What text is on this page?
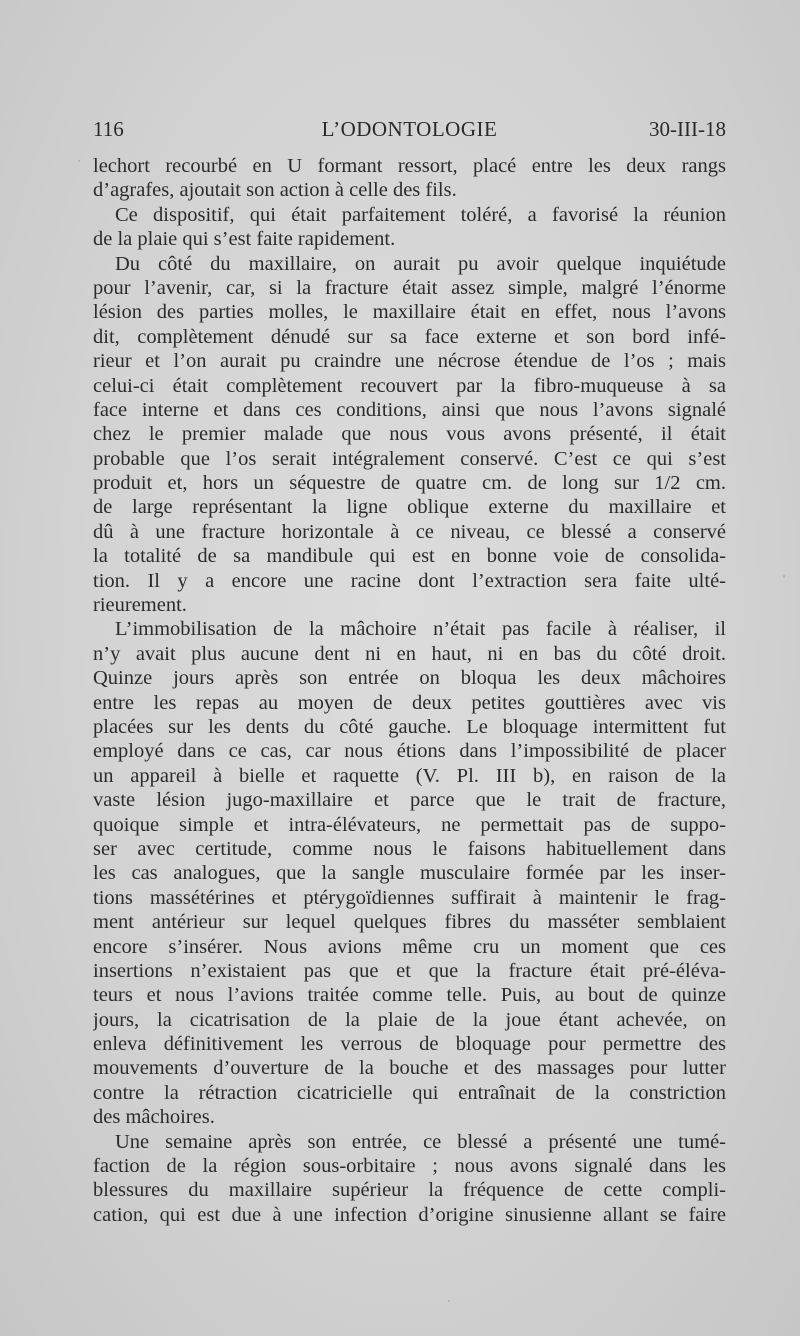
116	L’ODONTOLOGIE	30-III-18
lechort recourbé en U formant ressort, placé entre les deux rangs
d’agrafes, ajoutait son action à celle des fils.
Ce dispositif, qui était parfaitement toléré, a favorisé la réunion
de la plaie qui s’est faite rapidement.
Du côté du maxillaire, on aurait pu avoir quelque inquiétude
pour l’avenir, car, si la fracture était assez simple, malgré l’énorme
lésion des parties molles, le maxillaire était en effet, nous l’avons
dit, complètement dénudé sur sa face externe et son bord infé-
rieur et l’on aurait pu craindre une nécrose étendue de l’os ; mais
celui-ci était complètement recouvert par la fibro-muqueuse à sa
face interne et dans ces conditions, ainsi que nous l’avons signalé
chez le premier malade que nous vous avons présenté, il était
probable que l’os serait intégralement conservé. C’est ce qui s’est
produit et, hors un séquestre de quatre cm. de long sur 1/2 cm.
de large représentant la ligne oblique externe du maxillaire et
dû à une fracture horizontale à ce niveau, ce blessé a conservé
la totalité de sa mandibule qui est en bonne voie de consolida-
tion. Il y a encore une racine dont l’extraction sera faite ulté-
rieurement.
L’immobilisation de la mâchoire n’était pas facile à réaliser, il
n’y avait plus aucune dent ni en haut, ni en bas du côté droit.
Quinze jours après son entrée on bloqua les deux mâchoires
entre les repas au moyen de deux petites gouttières avec vis
placées sur les dents du côté gauche. Le bloquage intermittent fut
employé dans ce cas, car nous étions dans l’impossibilité de placer
un appareil à bielle et raquette (V. Pl. III b), en raison de la
vaste lésion jugo-maxillaire et parce que le trait de fracture,
quoique simple et intra-élévateurs, ne permettait pas de suppo-
ser avec certitude, comme nous le faisons habituellement dans
les cas analogues, que la sangle musculaire formée par les inser-
tions massétérines et ptérygoïdiennes suffirait à maintenir le frag-
ment antérieur sur lequel quelques fibres du masséter semblaient
encore s’insérer. Nous avions même cru un moment que ces
insertions n’existaient pas que et que la fracture était pré-éléva-
teurs et nous l’avions traitée comme telle. Puis, au bout de quinze
jours, la cicatrisation de la plaie de la joue étant achevée, on
enleva définitivement les verrous de bloquage pour permettre des
mouvements d’ouverture de la bouche et des massages pour lutter
contre la rétraction cicatricielle qui entraînait de la constriction
des mâchoires.
Une semaine après son entrée, ce blessé a présenté une tumé-
faction de la région sous-orbitaire ; nous avons signalé dans les
blessures du maxillaire supérieur la fréquence de cette compli-
cation, qui est due à une infection d’origine sinusienne allant se faire
